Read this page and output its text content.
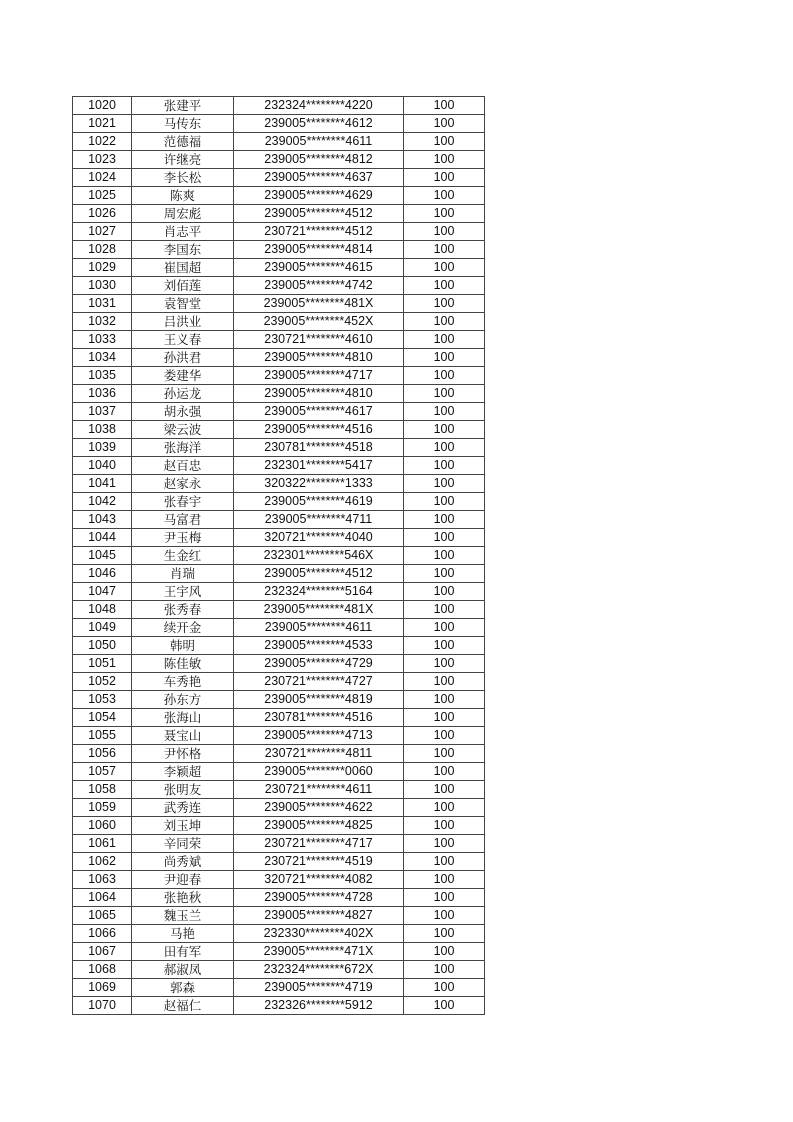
1020	张建平	232324********4220	100
1021	马传东	239005********4612	100
1022	范德福	239005********4611	100
1023	许继亮	239005********4812	100
1024	李长松	239005********4637	100
1025	陈爽	239005********4629	100
1026	周宏彪	239005********4512	100
1027	肖志平	230721********4512	100
1028	李国东	239005********4814	100
1029	崔国超	239005********4615	100
1030	刘佰莲	239005********4742	100
1031	袁智堂	239005********481X	100
1032	吕洪业	239005********452X	100
1033	王义春	230721********4610	100
1034	孙洪君	239005********4810	100
1035	娄建华	239005********4717	100
1036	孙运龙	239005********4810	100
1037	胡永强	239005********4617	100
1038	梁云波	239005********4516	100
1039	张海洋	230781********4518	100
1040	赵百忠	232301********5417	100
1041	赵家永	320322********1333	100
1042	张春宇	239005********4619	100
1043	马富君	239005********4711	100
1044	尹玉梅	320721********4040	100
1045	生金红	232301********546X	100
1046	肖瑞	239005********4512	100
1047	王宇风	232324********5164	100
1048	张秀春	239005********481X	100
1049	续开金	239005********4611	100
1050	韩明	239005********4533	100
1051	陈佳敏	239005********4729	100
1052	车秀艳	230721********4727	100
1053	孙东方	239005********4819	100
1054	张海山	230781********4516	100
1055	聂宝山	239005********4713	100
1056	尹怀格	230721********4811	100
1057	李颖超	239005********0060	100
1058	张明友	230721********4611	100
1059	武秀连	239005********4622	100
1060	刘玉坤	239005********4825	100
1061	辛同荣	230721********4717	100
1062	尚秀斌	230721********4519	100
1063	尹迎春	320721********4082	100
1064	张艳秋	239005********4728	100
1065	魏玉兰	239005********4827	100
1066	马艳	232330********402X	100
1067	田有军	239005********471X	100
1068	郝淑凤	232324********672X	100
1069	郭森	239005********4719	100
1070	赵福仁	232326********5912	100
